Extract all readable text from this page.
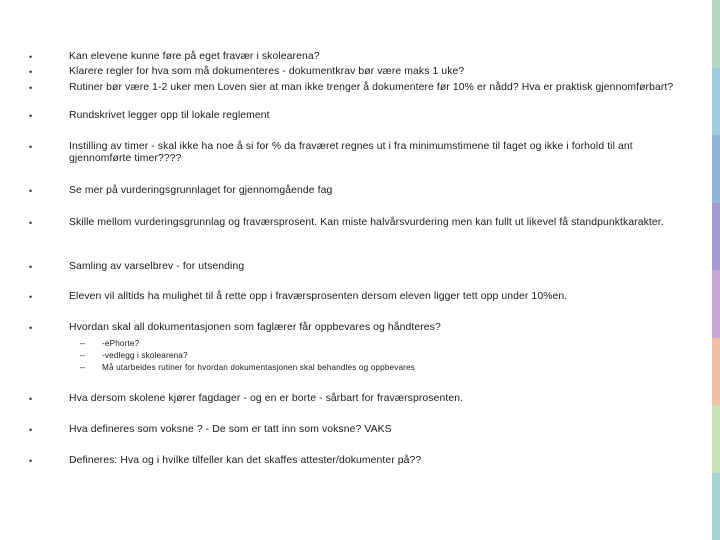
•	Kan elevene kunne føre på eget fravær i skolearena?
•	Klarere regler for hva som må dokumenteres - dokumentkrav bør være maks 1 uke?
•	Rutiner bør være 1-2 uker men Loven sier at man ikke trenger å dokumentere før 10% er nådd? Hva er praktisk gjennomførbart?
•	Rundskrivet legger opp til lokale reglement
•	Instilling av timer - skal ikke ha noe å si for % da fraværet regnes ut i fra minimumstimene til faget og ikke i forhold til ant gjennomførte timer????
•	Se mer på vurderingsgrunnlaget for gjennomgående fag
•	Skille mellom vurderingsgrunnlag og fraværsprosent. Kan miste halvårsvurdering men kan fullt ut likevel få standpunktkarakter.
•	Samling av varselbrev - for utsending
•	Eleven vil alltids ha mulighet til å rette opp i fraværsprosenten dersom eleven ligger tett opp under 10%en.
•	Hvordan skal all dokumentasjonen som faglærer får oppbevares og håndteres?
– -ePhorte?
– -vedlegg i skolearena?
– Må utarbeides rutiner for hvordan dokumentasjonen skal behandles og oppbevares
•	Hva dersom skolene kjører fagdager - og en er borte - sårbart for fraværsprosenten.
•	Hva defineres som voksne ? - De som er tatt inn som voksne? VAKS
•	Defineres: Hva og i hvilke tilfeller kan det skaffes attester/dokumenter på??
